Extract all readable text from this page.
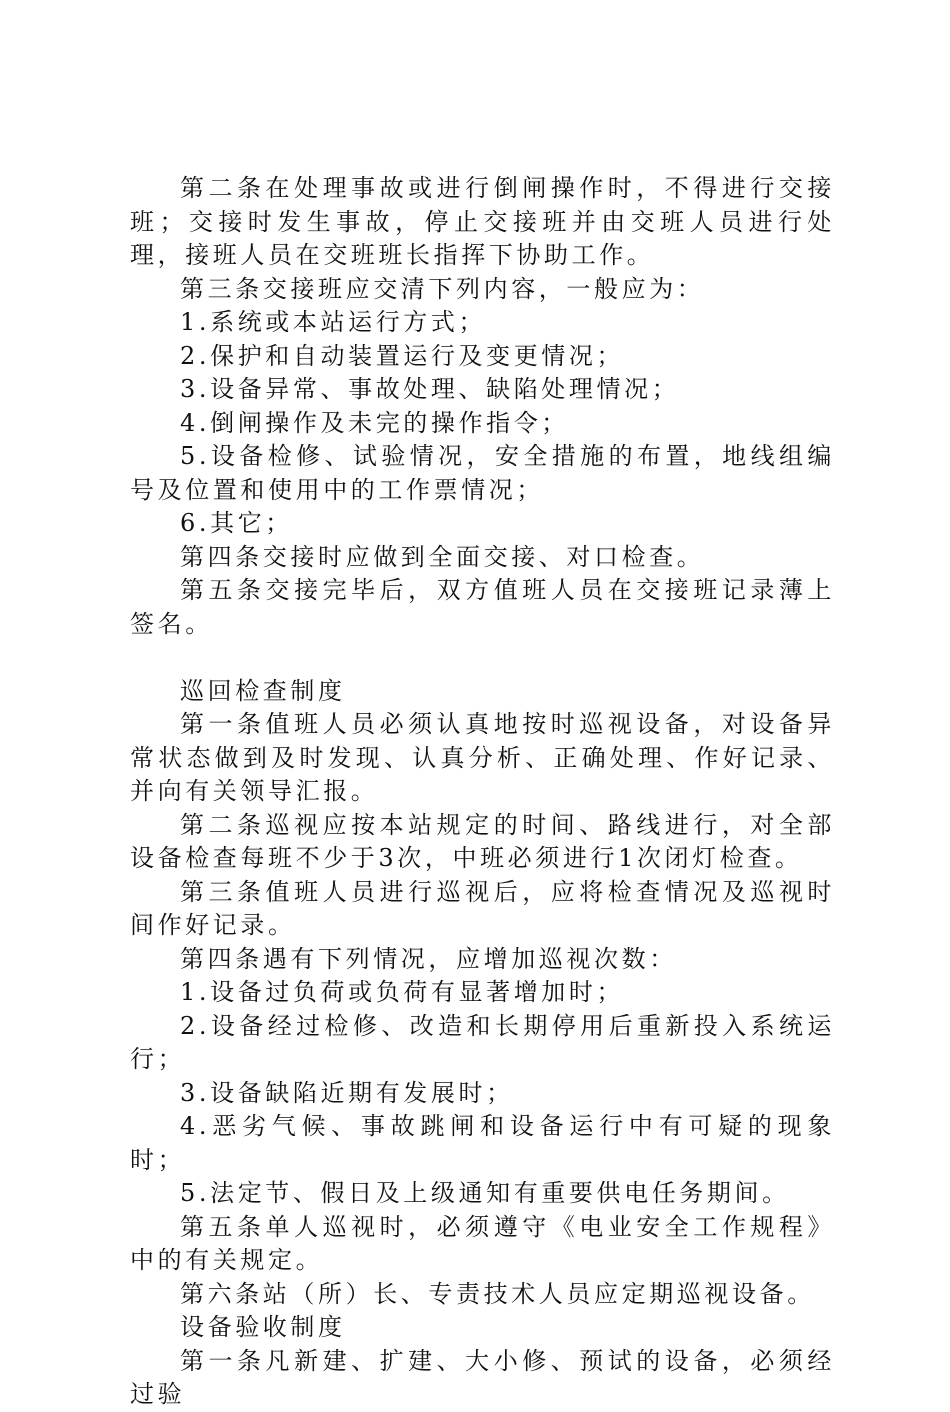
第二条在处理事故或进行倒闸操作时，不得进行交接班；交接时发生事故，停止交接班并由交班人员进行处理，接班人员在交班班长指挥下协助工作。

第三条交接班应交清下列内容，一般应为：

1.系统或本站运行方式；

2.保护和自动装置运行及变更情况；

3.设备异常、事故处理、缺陷处理情况；

4.倒闸操作及未完的操作指令；

5.设备检修、试验情况，安全措施的布置，地线组编号及位置和使用中的工作票情况；

6.其它；

第四条交接时应做到全面交接、对口检查。

第五条交接完毕后，双方值班人员在交接班记录薄上签名。

巡回检查制度

第一条值班人员必须认真地按时巡视设备，对设备异常状态做到及时发现、认真分析、正确处理、作好记录、并向有关领导汇报。

第二条巡视应按本站规定的时间、路线进行，对全部设备检查每班不少于3次，中班必须进行1次闭灯检查。

第三条值班人员进行巡视后，应将检查情况及巡视时间作好记录。

第四条遇有下列情况，应增加巡视次数：

1.设备过负荷或负荷有显著增加时；

2.设备经过检修、改造和长期停用后重新投入系统运行；

3.设备缺陷近期有发展时；

4.恶劣气候、事故跳闸和设备运行中有可疑的现象时；

5.法定节、假日及上级通知有重要供电任务期间。

第五条单人巡视时，必须遵守《电业安全工作规程》中的有关规定。

第六条站（所）长、专责技术人员应定期巡视设备。

设备验收制度

第一条凡新建、扩建、大小修、预试的设备，必须经过验
